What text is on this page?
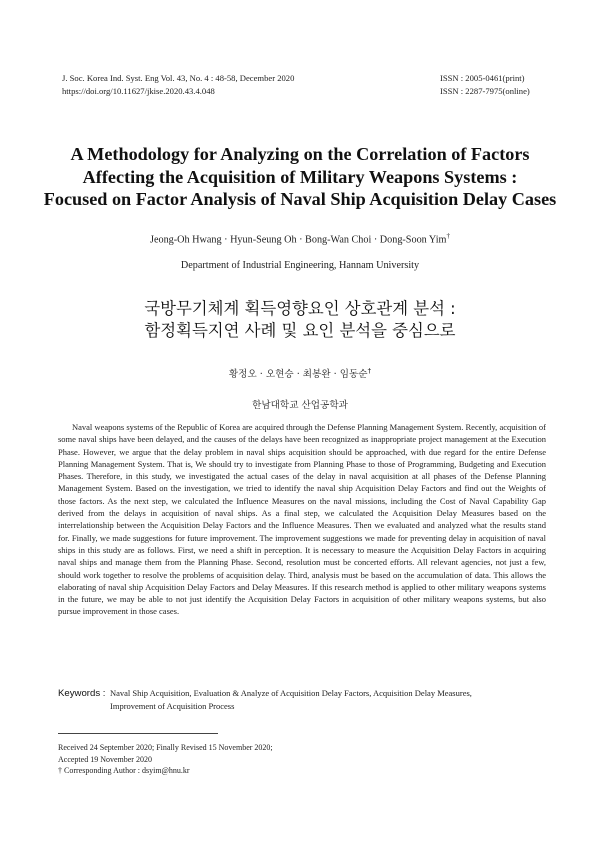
J. Soc. Korea Ind. Syst. Eng Vol. 43, No. 4 : 48-58, December 2020
https://doi.org/10.11627/jkise.2020.43.4.048
ISSN : 2005-0461(print)
ISSN : 2287-7975(online)
A Methodology for Analyzing on the Correlation of Factors
Affecting the Acquisition of Military Weapons Systems :
Focused on Factor Analysis of Naval Ship Acquisition Delay Cases
Jeong-Oh Hwang · Hyun-Seung Oh · Bong-Wan Choi · Dong-Soon Yim†
Department of Industrial Engineering, Hannam University
국방무기체계 획득영향요인 상호관계 분석 :
함정획득지연 사례 및 요인 분석을 중심으로
황정오 · 오현승 · 최봉완 · 임동순†
한남대학교 산업공학과
Naval weapons systems of the Republic of Korea are acquired through the Defense Planning Management System. Recently, acquisition of some naval ships have been delayed, and the causes of the delays have been recognized as inappropriate project management at the Execution Phase. However, we argue that the delay problem in naval ships acquisition should be approached, with due regard for the entire Defense Planning Management System. That is, We should try to investigate from Planning Phase to those of Programming, Budgeting and Execution Phases. Therefore, in this study, we investigated the actual cases of the delay in naval acquisition at all phases of the Defense Planning Management System. Based on the investigation, we tried to identify the naval ship Acquisition Delay Factors and find out the Weights of those factors. As the next step, we calculated the Influence Measures on the naval missions, including the Cost of Naval Capability Gap derived from the delays in acquisition of naval ships. As a final step, we calculated the Acquisition Delay Measures based on the interrelationship between the Acquisition Delay Factors and the Influence Measures. Then we evaluated and analyzed what the results stand for. Finally, we made suggestions for future improvement. The improvement suggestions we made for preventing delay in acquisition of naval ships in this study are as follows. First, we need a shift in perception. It is necessary to measure the Acquisition Delay Factors in acquiring naval ships and manage them from the Planning Phase. Second, resolution must be concerted efforts. All relevant agencies, not just a few, should work together to resolve the problems of acquisition delay. Third, analysis must be based on the accumulation of data. This allows the elaborating of naval ship Acquisition Delay Factors and Delay Measures. If this research method is applied to other military weapons systems in the future, we may be able to not just identify the Acquisition Delay Factors in acquisition of other military weapons systems, but also pursue improvement in those cases.
Keywords : Naval Ship Acquisition, Evaluation & Analyze of Acquisition Delay Factors, Acquisition Delay Measures,
Improvement of Acquisition Process
Received 24 September 2020; Finally Revised 15 November 2020;
Accepted 19 November 2020
† Corresponding Author : dsyim@hnu.kr
